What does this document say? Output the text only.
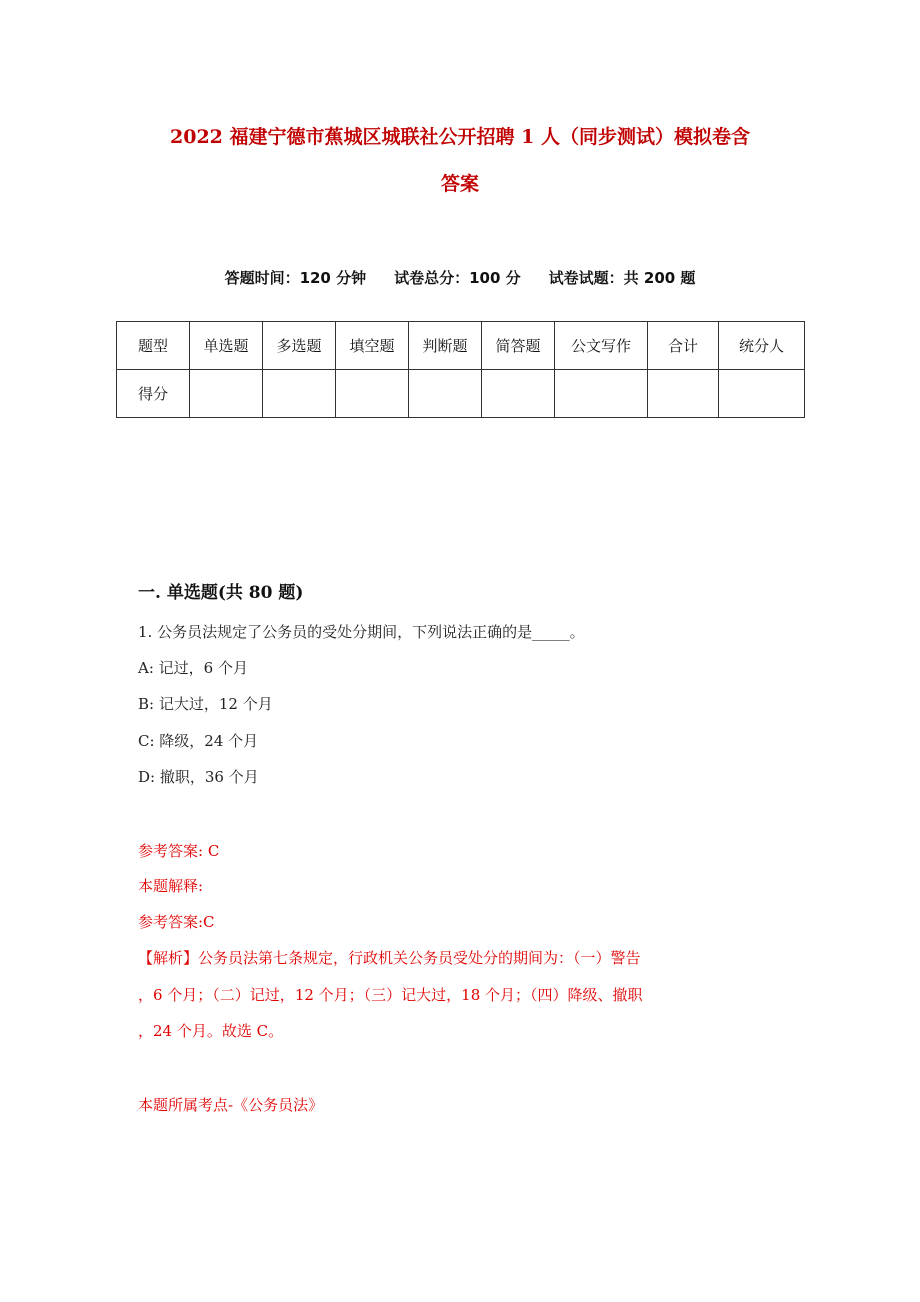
2022 福建宁德市蕉城区城联社公开招聘 1 人（同步测试）模拟卷含
答案
答题时间：120 分钟 试卷总分：100 分 试卷试题：共 200 题
题型	单选题	多选题	填空题	判断题	简答题	公文写作	合计	统分人
得分								
一. 单选题(共 80 题)
1. 公务员法规定了公务员的受处分期间，下列说法正确的是_____。
A: 记过，6 个月
B: 记大过，12 个月
C: 降级，24 个月
D: 撤职，36 个月
参考答案: C
本题解释:
参考答案:C
【解析】公务员法第七条规定，行政机关公务员受处分的期间为：（一）警告
，6 个月；（二）记过，12 个月；（三）记大过，18 个月；（四）降级、撤职
，24 个月。故选 C。
本题所属考点-《公务员法》
